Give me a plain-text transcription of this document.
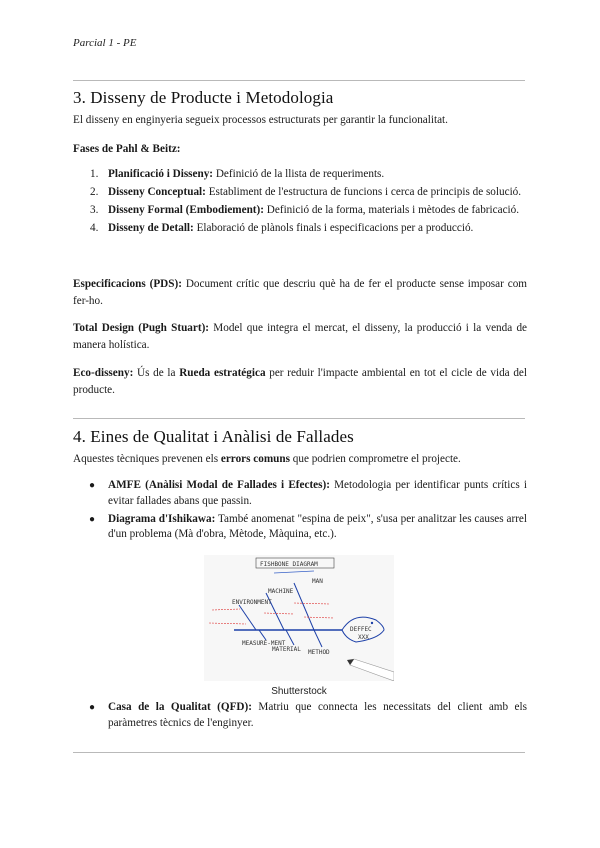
Parcial 1 - PE
3. Disseny de Producte i Metodologia
El disseny en enginyeria segueix processos estructurats per garantir la funcionalitat.
Fases de Pahl & Beitz:
1. Planificació i Disseny: Definició de la llista de requeriments.
2. Disseny Conceptual: Establiment de l'estructura de funcions i cerca de principis de solució.
3. Disseny Formal (Embodiement): Definició de la forma, materials i mètodes de fabricació.
4. Disseny de Detall: Elaboració de plànols finals i especificacions per a producció.
Especificacions (PDS): Document crític que descriu què ha de fer el producte sense imposar com fer-ho.
Total Design (Pugh Stuart): Model que integra el mercat, el disseny, la producció i la venda de manera holística.
Eco-disseny: Ús de la Rueda estratégica per reduir l'impacte ambiental en tot el cicle de vida del producte.
4. Eines de Qualitat i Anàlisi de Fallades
Aquestes tècniques prevenen els errors comuns que podrien comprometre el projecte.
● AMFE (Anàlisi Modal de Fallades i Efectes): Metodologia per identificar punts crítics i evitar fallades abans que passin.
● Diagrama d'Ishikawa: També anomenat "espina de peix", s'usa per analitzar les causes arrel d'un problema (Mà d'obra, Mètode, Màquina, etc.).
FISHBONE DIAGRAM
MAN
MACHINE
ENVIRONMENT
MEASURE-MENT
MATERIAL METHOD
DEFFEC
XXX
Shutterstock
● Casa de la Qualitat (QFD): Matriu que connecta les necessitats del client amb els paràmetres tècnics de l'enginyer.
